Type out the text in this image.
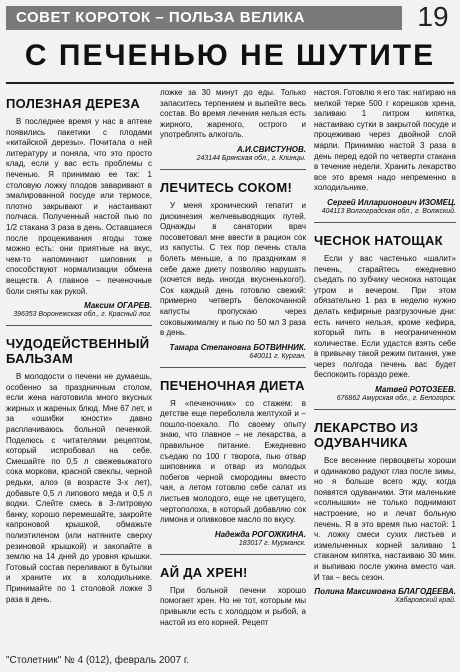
СОВЕТ КОРОТОК – ПОЛЬЗА ВЕЛИКА	19
С ПЕЧЕНЬЮ НЕ ШУТИТЕ
ПОЛЕЗНАЯ ДЕРЕЗА

В последнее время у нас в аптеке появились пакетики с плодами «китайской дерезы». Почитала о ней литературу и поняла, что это просто клад, если у вас есть проблемы с печенью. Я принимаю ее так: 1 столовую ложку плодов заваривают в эмалированной посуде или термосе, плотно закрывают и настаивают полчаса. Полученный настой пью по 1/2 стакана 3 раза в день. Оставшиеся после процеживания ягоды тоже можно есть: они приятные на вкус, чем-то напоминают шиповник и способствуют нормализации обмена веществ. А главное – печеночные боли сняты как рукой.

Максим ОГАРЕВ.
396353 Воронежская обл., г. Красный лог.
ЧУДОДЕЙСТВЕННЫЙ БАЛЬЗАМ

В молодости о печени не думаешь, особенно за праздничным столом, если жена наготовила много вкусных жирных и жареных блюд. Мне 67 лет, и за «ошибки юности» давно расплачиваюсь больной печенкой. Поделюсь с читателями рецептом, который испробовал на себе. Смешайте по 0,5 л свежевыжатого сока моркови, красной свеклы, черной редьки, алоэ (в возрасте 3-х лет), добавьте 0,5 л липового меда и 0,5 л водки. Слейте смесь в 3-литровую банку, хорошо перемешайте, закройте капроновой крышкой, обмажьте полиэтиленом (или натяните сверху резиновой крышкой) и закопайте в землю на 14 дней до уровня крышки. Готовый состав переливают в бутылки и храните их в холодильнике. Принимайте по 1 столовой ложке 3 раза в день.

ложке за 30 минут до еды. Только запаситесь терпением и выпейте весь состав. Во время лечения нельзя есть жирного, жареного, острого и употреблять алкоголь.

А.И.СВИСТУНОВ.
243144 Брянская обл., г. Клинцы.
ЛЕЧИТЕСЬ СОКОМ!

У меня хронический гепатит и дискинезия желчевыводящих путей. Однажды в санатории врач посоветовал мне ввести в рацион сок из капусты. С тех пор печень стала болеть меньше, а по праздникам я себе даже диету позволяю нарушать (хочется ведь иногда вкусненького!). Сок каждый день готовлю свежий: примерно четверть белокочанной капусты пропускаю через соковыжималку и пью по 50 мл 3 раза в день.

Тамара Степановна БОТВИННИК.
640011 г. Курган.
ПЕЧЕНОЧНАЯ ДИЕТА

Я «печеночник» со стажем: в детстве еще переболела желтухой и – пошло-поехало. По своему опыту знаю, что главное – не лекарства, а правильное питание. Ежедневно съедаю по 100 г творога, пью отвар шиповника и отвар из молодых побегов черной смородины вместо чая, а летом готовлю себе салат из листьев молодого, еще не цветущего, чертополоха, в который добавляю сок лимона и оливковое масло по вкусу.

Надежда РОГОЖКИНА.
183017 г. Мурманск.
АЙ ДА ХРЕН!

При больной печени хорошо помогает хрен. Но не тот, которым мы привыкли есть с холодцом и рыбой, а настой из его корней. Рецепт

настоя. Готовлю я его так: натираю на мелкой терке 500 г корешков хрена, заливаю 1 литром кипятка, настаиваю сутки в закрытой посуде и процеживаю через двойной слой марли. Принимаю настой 3 раза в день перед едой по четверти стакана в течение недели. Хранить лекарство все это время надо непременно в холодильнике.

Сергей Илларионович ИЗОМЕЦ.
404113 Волгоградская обл., г. Волжский.
ЧЕСНОК НАТОЩАК

Если у вас частенько «шалит» печень, старайтесь ежедневно съедать по зубчику чеснока натощак утром и вечером. При этом обязательно 1 раз в неделю нужно делать кефирные разгрузочные дни: есть ничего нельзя, кроме кефира, который пить в неограниченном количестве. Если удастся взять себе в привычку такой режим питания, уже через полгода печень вас будет беспокоить гораздо реже.

Матвей РОТОЗЕЕВ.
676862 Амурская обл., г. Белогорск.
ЛЕКАРСТВО ИЗ ОДУВАНЧИКА

Все весенние первоцветы хороши и одинаково радуют глаз после зимы, но я больше всего жду, когда появятся одуванчики. Эти маленькие «солнышки» не только поднимают настроение, но и лечат больную печень. Я в это время пью настой: 1 ч. ложку смеси сухих листьев и измельченных корней заливаю 1 стаканом кипятка, настаиваю 30 мин. и выпиваю после ужина вместо чая. И так – весь сезон.

Полина Максимовна БЛАГОДЕЕВА.
Хабаровский край.
"Столетник" № 4 (012), февраль 2007 г.
